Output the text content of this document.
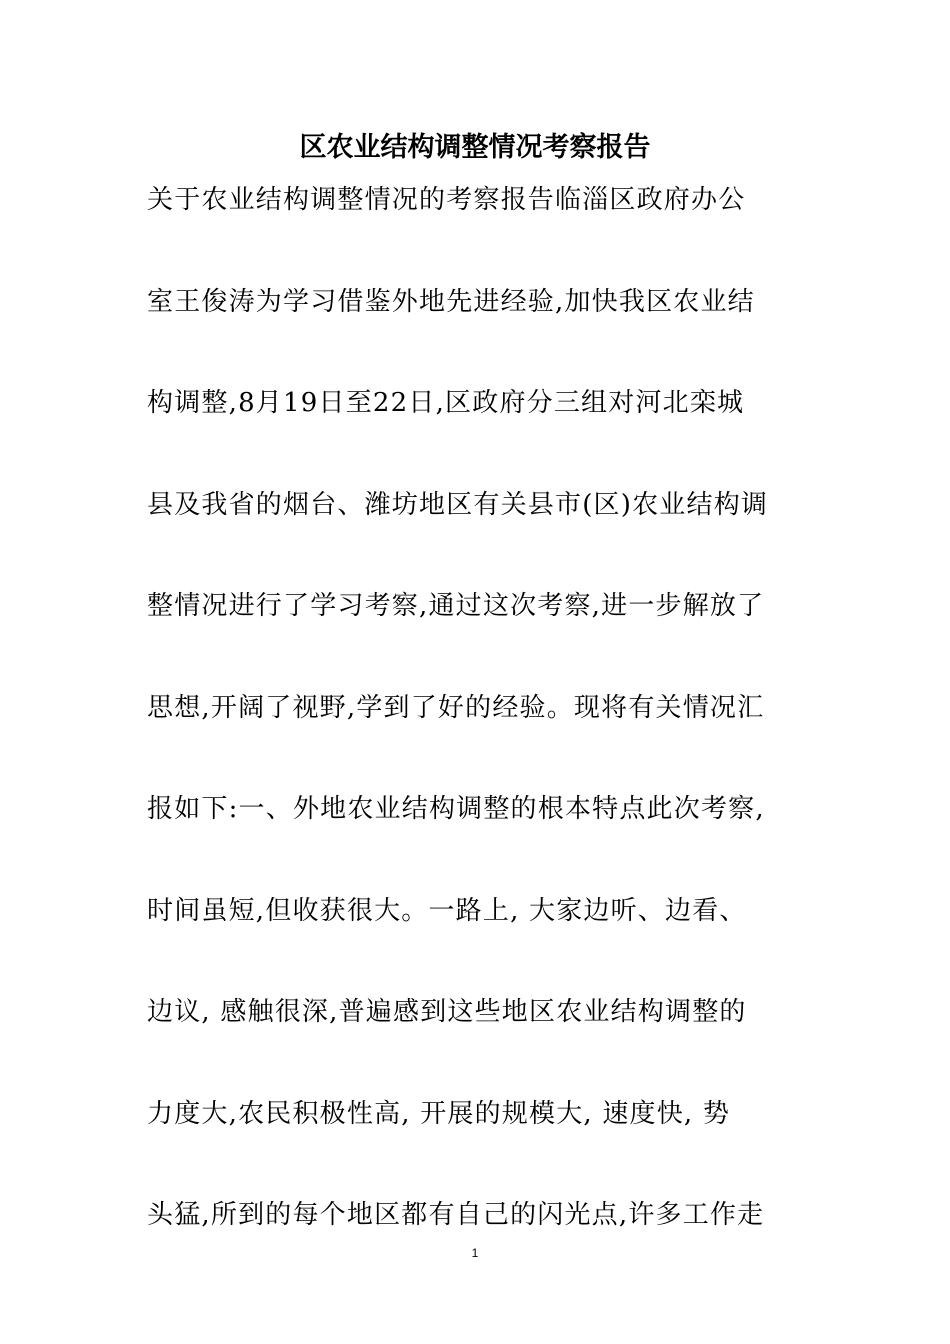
区农业结构调整情况考察报告
关于农业结构调整情况的考察报告临淄区政府办公
室王俊涛为学习借鉴外地先进经验,加快我区农业结
构调整,8月19日至22日,区政府分三组对河北栾城
县及我省的烟台、潍坊地区有关县市(区)农业结构调
整情况进行了学习考察,通过这次考察,进一步解放了
思想,开阔了视野,学到了好的经验。现将有关情况汇
报如下:一、外地农业结构调整的根本特点此次考察,
时间虽短,但收获很大。一路上, 大家边听、边看、
边议, 感触很深,普遍感到这些地区农业结构调整的
力度大,农民积极性高, 开展的规模大, 速度快, 势
头猛,所到的每个地区都有自己的闪光点,许多工作走
1
